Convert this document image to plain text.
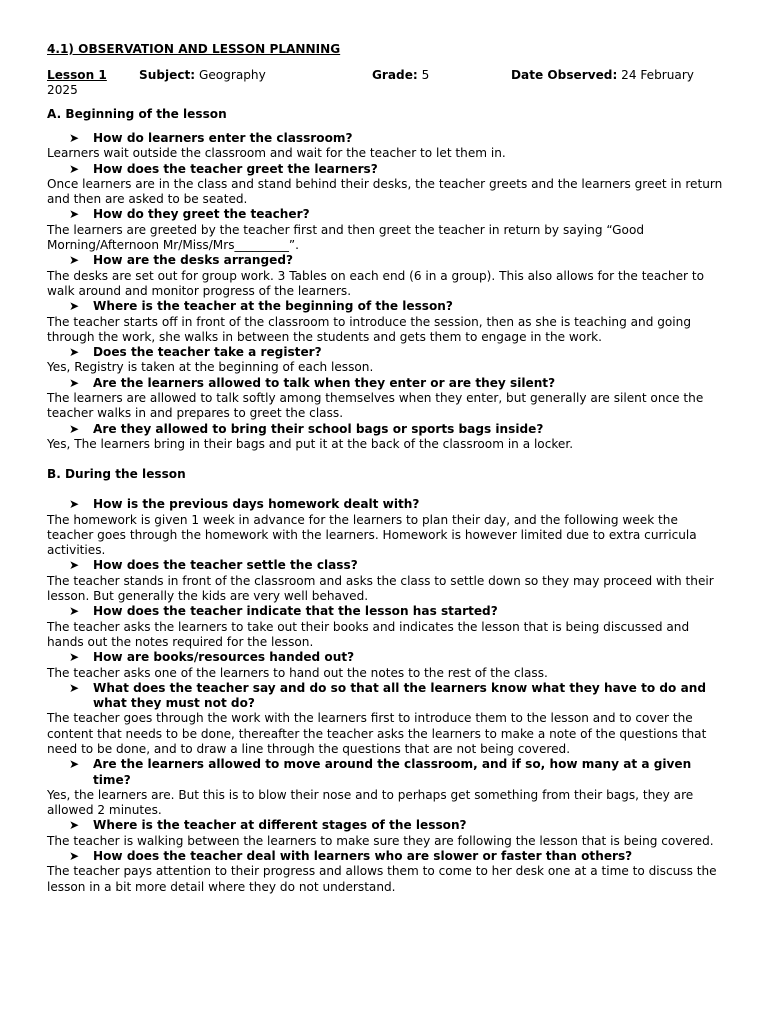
4.1) OBSERVATION AND LESSON PLANNING

Lesson 1	Subject: Geography	Grade: 5	Date Observed: 24 February
2025
A. Beginning of the lesson
➤ How do learners enter the classroom?
Learners wait outside the classroom and wait for the teacher to let them in.
➤ How does the teacher greet the learners?
Once learners are in the class and stand behind their desks, the teacher greets and the learners greet in return and then are asked to be seated.
➤ How do they greet the teacher?
The learners are greeted by the teacher first and then greet the teacher in return by saying “Good Morning/Afternoon Mr/Miss/Mrs_________”.
➤ How are the desks arranged?
The desks are set out for group work. 3 Tables on each end (6 in a group). This also allows for the teacher to walk around and monitor progress of the learners.
➤ Where is the teacher at the beginning of the lesson?
The teacher starts off in front of the classroom to introduce the session, then as she is teaching and going through the work, she walks in between the students and gets them to engage in the work.
➤ Does the teacher take a register?
Yes, Registry is taken at the beginning of each lesson.
➤ Are the learners allowed to talk when they enter or are they silent?
The learners are allowed to talk softly among themselves when they enter, but generally are silent once the teacher walks in and prepares to greet the class.
➤ Are they allowed to bring their school bags or sports bags inside?
Yes, The learners bring in their bags and put it at the back of the classroom in a locker.
B. During the lesson
➤ How is the previous days homework dealt with?
The homework is given 1 week in advance for the learners to plan their day, and the following week the teacher goes through the homework with the learners. Homework is however limited due to extra curricula activities.
➤ How does the teacher settle the class?
The teacher stands in front of the classroom and asks the class to settle down so they may proceed with their lesson. But generally the kids are very well behaved.
➤ How does the teacher indicate that the lesson has started?
The teacher asks the learners to take out their books and indicates the lesson that is being discussed and hands out the notes required for the lesson.
➤ How are books/resources handed out?
The teacher asks one of the learners to hand out the notes to the rest of the class.
➤ What does the teacher say and do so that all the learners know what they have to do and what they must not do?
The teacher goes through the work with the learners first to introduce them to the lesson and to cover the content that needs to be done, thereafter the teacher asks the learners to make a note of the questions that need to be done, and to draw a line through the questions that are not being covered.
➤ Are the learners allowed to move around the classroom, and if so, how many at a given time?
Yes, the learners are. But this is to blow their nose and to perhaps get something from their bags, they are allowed 2 minutes.
➤ Where is the teacher at different stages of the lesson?
The teacher is walking between the learners to make sure they are following the lesson that is being covered.
➤ How does the teacher deal with learners who are slower or faster than others?
The teacher pays attention to their progress and allows them to come to her desk one at a time to discuss the lesson in a bit more detail where they do not understand.
